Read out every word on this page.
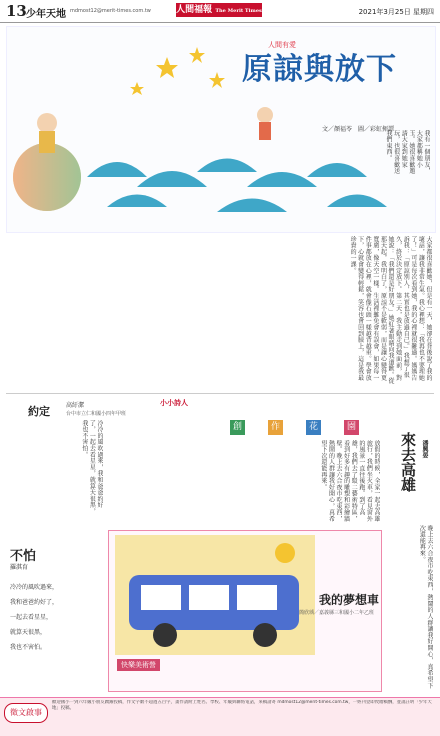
13 少年天地 mdmost12@merit-times.com.tw	人間福報 The Merit Times	2021年3月25日 星期四
人間有愛
原諒與放下
文／顏福苓　圖／彩虹揮譚
我有一個朋友，大家都稱她小玉。她很喜歡邀請大家到她家玩，也很喜歡送我們東西。
大家都很喜歡她，但是有一天，她卻在背後說了我的壞話，讓我非常生氣。我心裡想：「我再也不要理她了！」可是每次看到她，我的心裡就很難過。媽媽告訴我：「原諒別人，其實也是放過自己。」我想了很久，終於決定放下。第二天，我主動走到她面前，對她說：「我們還是好朋友。」她紅著眼睛向我道歉。從那天起，我明白了，原諒不是軟弱，而是讓心變得更寬廣，像天空一樣。生活裡難免會有誤會，如果每一件事都放在心裡，就會像石頭一樣越背越重。學會放下，心就會變得輕鬆，笑容也會回到臉上，這是我最珍貴的一課。
約定	高紆潔
台中市立仁和國小四年甲班
小小詩人
創	作	花	園
冷冷的風吹過來，我和爸爸約好了，一起去看星星，就算天很黑，我也不害怕。
放假的時候，全家一起去高雄旅行，我們坐火車，看見窗外的風景一直往後跑。到了高雄，我們去了駁二藝術特區，看到好多有趣的雕塑和彩繪牆壁。晚上去六合夜市吃東西，熱鬧的人群讓我好開心，真希望下次還能再來。	來去高雄 潘興晏
晚上去六合夜市吃東西，熱鬧的人群讓我好開心，真希望下次還能再來。
不怕
羅淇育
冷冷的風吹過來，
我和爸爸約好了，
一起去看星星，
就算天很黑，
我也不害怕。
快樂美術營
我的夢想車
簡欣瑀／嘉義縣三和國小二年乙班
徵文啟事
歡迎國小一到六年級小朋友踴躍投稿，作文字數不超過五百字，畫作請附上姓名、學校、年級與聯絡電話，來稿請寄 mdmost12@merit-times.com.tw，一經刊登即致贈稿酬，並請註明「少年天地」投稿。
